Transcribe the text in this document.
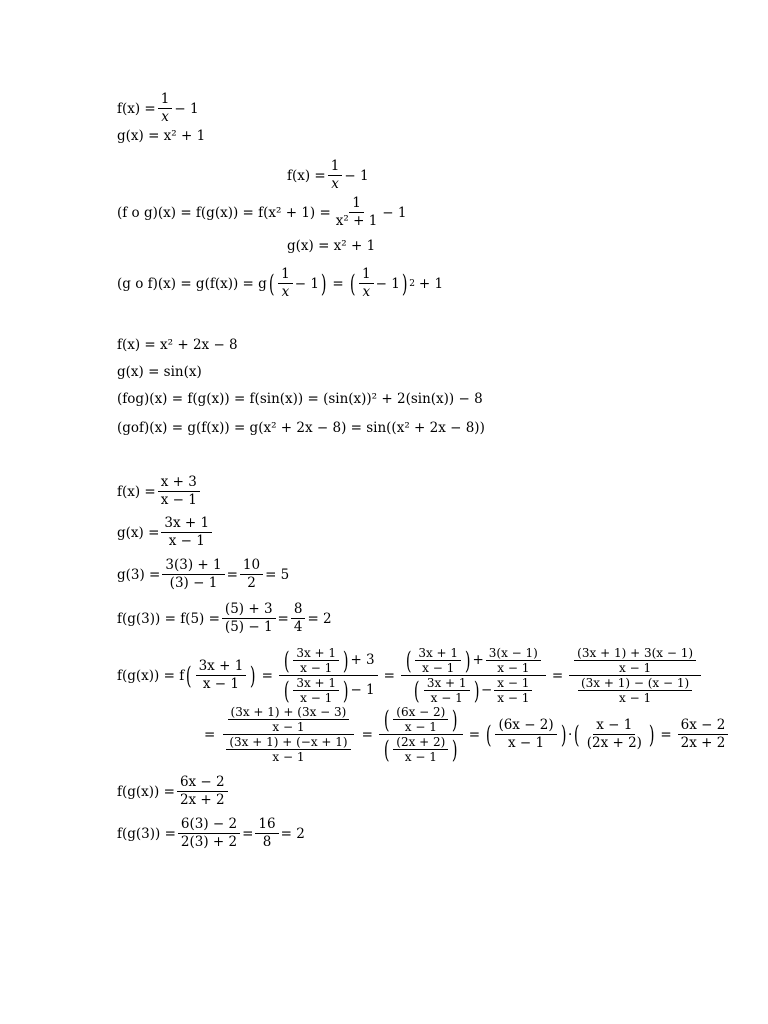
$f(x) = \frac{1}{x} - 1$
g(x) = x² + 1
$f(x) = \frac{1}{x} - 1$
(f o $g)(x) = f(g(x)) = f(x^2 + 1) = \frac{1}{\text{x² + 1}} - 1$
g(x) = x² + 1
(g o f)(x) = g(f(x)) = g ( $\frac{1}{x} - 1$ ) = ( $\frac{1}{x} - 1$ ) 2 + 1
f(x) = x² + 2x − 8
g(x) = sin(x)
(fog)(x) = f(g(x)) = f(sin(x)) = (sin(x))² + 2(sin(x)) − 8
(gof)(x) = g(f(x)) = g(x² + 2x − 8) = sin((x² + 2x − 8))
$f(x) = \frac{x + 3}{x - 1}$
$g(x) = \frac{3x + 1}{x - 1}$
$g(3) = \frac{3(3) + 1}{(3) - 1} = \frac{10}{2} = 5$
$f(g(3)) = f(5) = \frac{(5) + 3}{(5) - 1} = \frac{8}{4} = 2$
f(g(x)) = f ( $\frac{3x + 1}{x - 1}$ ) =
( $\frac{3x + 1}{x - 1}$ ) + 3
( $\frac{3x + 1}{x - 1}$ ) − 1
=
( $\frac{3x + 1}{x - 1}$ ) + $\frac{3(x - 1)}{x - 1}$
( $\frac{3x + 1}{x - 1}$ ) − $\frac{x - 1}{x - 1}$
= $\frac{\frac{(3x + 1) + 3(x - 1)}{x - 1}}{\frac{(3x + 1) - (x - 1)}{x - 1}}$
= $\frac{\frac{(3x + 1) + (3x - 3)}{x - 1}}{\frac{(3x + 1) + (-x + 1)}{x - 1}} = \frac{( \frac{(6x - 2)}{x - 1} )}{( \frac{(2x + 2)}{x - 1} )}$ = ( $\frac{(6x - 2)}{x - 1}$ ) · ( $\frac{x - 1}{(2x + 2)}$ ) = $\frac{6x - 2}{2x + 2}$
$f(g(x)) = \frac{6x - 2}{2x + 2}$
$f(g(3)) = \frac{6(3) - 2}{2(3) + 2} = \frac{16}{8} = 2$
